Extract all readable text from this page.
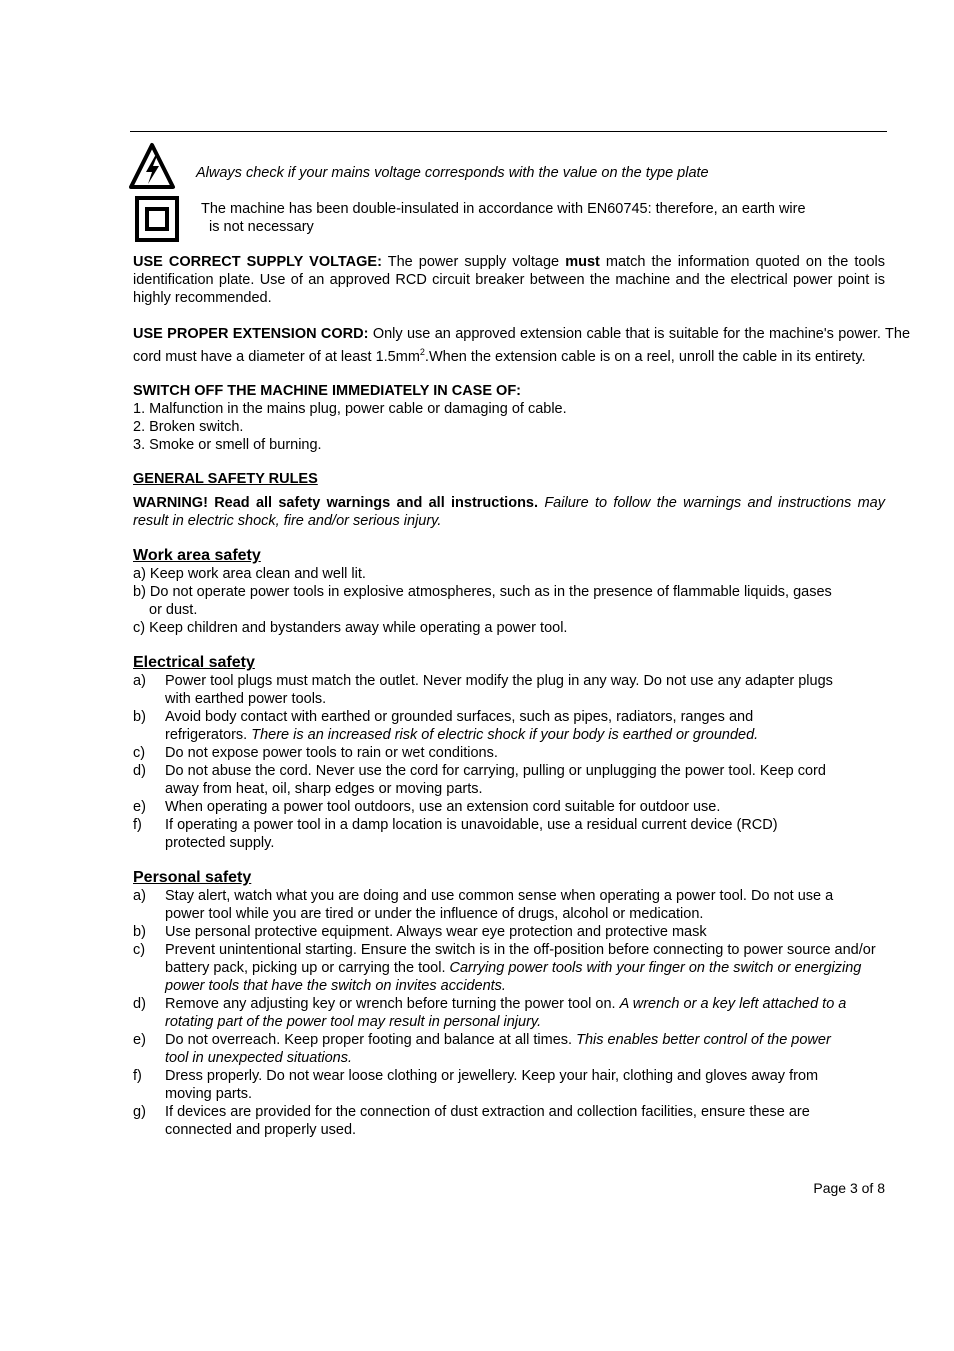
Always check if your mains voltage corresponds with the value on the type plate
The machine has been double-insulated in accordance with EN60745: therefore, an earth wire
is not necessary

USE CORRECT SUPPLY VOLTAGE: The power supply voltage must match the information quoted on the tools identification plate. Use of an approved RCD circuit breaker between the machine and the electrical power point is highly recommended.

USE PROPER EXTENSION CORD: Only use an approved extension cable that is suitable for the machine's power. The cord must have a diameter of at least $1.5mm^2.When$ the extension cable is on a reel, unroll the cable in its entirety.

SWITCH OFF THE MACHINE IMMEDIATELY IN CASE OF:

1. Malfunction in the mains plug, power cable or damaging of cable.

2. Broken switch.

3. Smoke or smell of burning.

GENERAL SAFETY RULES

WARNING! Read all safety warnings and all instructions. Failure to follow the warnings and instructions may result in electric shock, fire and/or serious injury.

Work area safety

a) Keep work area clean and well lit.

b) Do not operate power tools in explosive atmospheres, such as in the presence of flammable liquids, gases

or dust.

c) Keep children and bystanders away while operating a power tool.

Electrical safety

a)	Power tool plugs must match the outlet. Never modify the plug in any way. Do not use any adapter plugs with earthed power tools.
b)	Avoid body contact with earthed or grounded surfaces, such as pipes, radiators, ranges and refrigerators. There is an increased risk of electric shock if your body is earthed or grounded.
c)	Do not expose power tools to rain or wet conditions.
d)	Do not abuse the cord. Never use the cord for carrying, pulling or unplugging the power tool. Keep cord away from heat, oil, sharp edges or moving parts.
e)	When operating a power tool outdoors, use an extension cord suitable for outdoor use.
f)	If operating a power tool in a damp location is unavoidable, use a residual current device (RCD) protected supply.

Personal safety

a)	Stay alert, watch what you are doing and use common sense when operating a power tool. Do not use a power tool while you are tired or under the influence of drugs, alcohol or medication.
b)	Use personal protective equipment. Always wear eye protection and protective mask
c)	Prevent unintentional starting. Ensure the switch is in the off-position before connecting to power source and/or battery pack, picking up or carrying the tool. Carrying power tools with your finger on the switch or energizing power tools that have the switch on invites accidents.
d)	Remove any adjusting key or wrench before turning the power tool on. A wrench or a key left attached to a rotating part of the power tool may result in personal injury.
e)	Do not overreach. Keep proper footing and balance at all times. This enables better control of the power tool in unexpected situations.
f)	Dress properly. Do not wear loose clothing or jewellery. Keep your hair, clothing and gloves away from moving parts.
g)	If devices are provided for the connection of dust extraction and collection facilities, ensure these are connected and properly used.
Page 3 of 8
